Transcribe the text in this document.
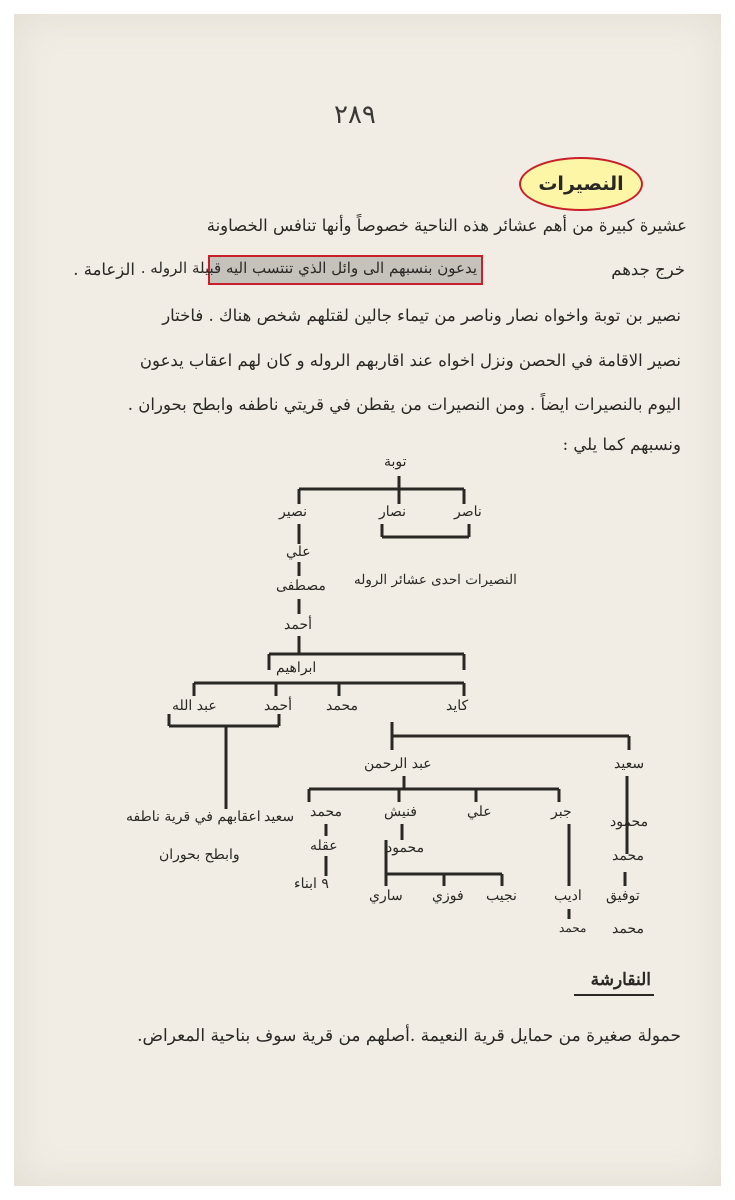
٢٨٩
النصيرات
عشيرة كبيرة من أهم عشائر هذه الناحية خصوصاً وأنها تنافس الخصاونة
الزعامة . يدعون بنسبهم الى وائل الذي تنتسب اليه قبيلة الروله .	خرج جدهم
نصير بن توبة واخواه نصار وناصر من تيماء جالين لقتلهم شخص هناك . فاختار
نصير الاقامة في الحصن ونزل اخواه عند اقاربهم الروله و كان لهم اعقاب يدعون
اليوم بالنصيرات ايضاً . ومن النصيرات من يقطن في قريتي ناطفه وابطح بحوران .
ونسبهم كما يلي :
توبة
نصير	نصار	ناصر
النصيرات احدى عشائر الروله
علي
مصطفى
أحمد
ابراهيم
عبد الله	أحمد محمد	كايد
عبد الرحمن	سعيد
محمد	فنيش	علي	جبر
سعيد
اعقابهم في قرية ناطفه
وابطح بحوران
عقله
٩ ابناء
محمود
ساري فوزي نجيب	اديب
محمد
محمود
محمد
توفيق
محمد
النقارشة
حمولة صغيرة من حمايل قرية النعيمة .أصلهم من قرية سوف بناحية المعراض.
